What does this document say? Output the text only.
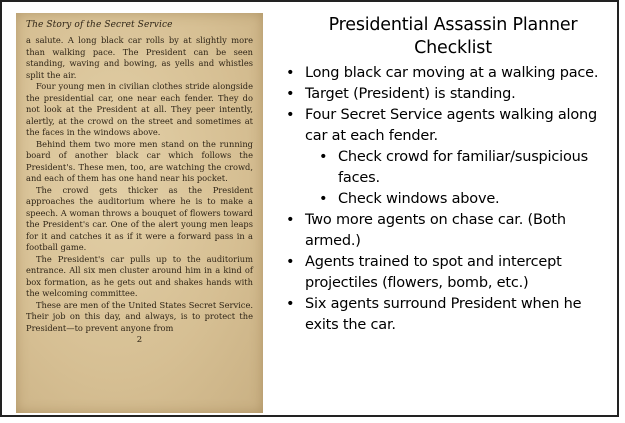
The Story of the Secret Service

a salute. A long black car rolls by at slightly more than walking pace. The President can be seen standing, waving and bowing, as yells and whistles split the air.

Four young men in civilian clothes stride alongside the presidential car, one near each fender. They do not look at the President at all. They peer intently, alertly, at the crowd on the street and sometimes at the faces in the windows above.

Behind them two more men stand on the running board of another black car which follows the President's. These men, too, are watching the crowd, and each of them has one hand near his pocket.

The crowd gets thicker as the President approaches the auditorium where he is to make a speech. A woman throws a bouquet of flowers toward the President's car. One of the alert young men leaps for it and catches it as if it were a forward pass in a football game.

The President's car pulls up to the auditorium entrance. All six men cluster around him in a kind of box formation, as he gets out and shakes hands with the welcoming committee.

These are men of the United States Secret Service. Their job on this day, and always, is to protect the President—to prevent anyone from

2
Presidential Assassin Planner Checklist
• Long black car moving at a walking pace.
• Target (President) is standing.
• Four Secret Service agents walking along car at each fender.
• Check crowd for familiar/suspicious faces.
• Check windows above.
• Two more agents on chase car. (Both armed.)
• Agents trained to spot and intercept projectiles (flowers, bomb, etc.)
• Six agents surround President when he exits the car.
